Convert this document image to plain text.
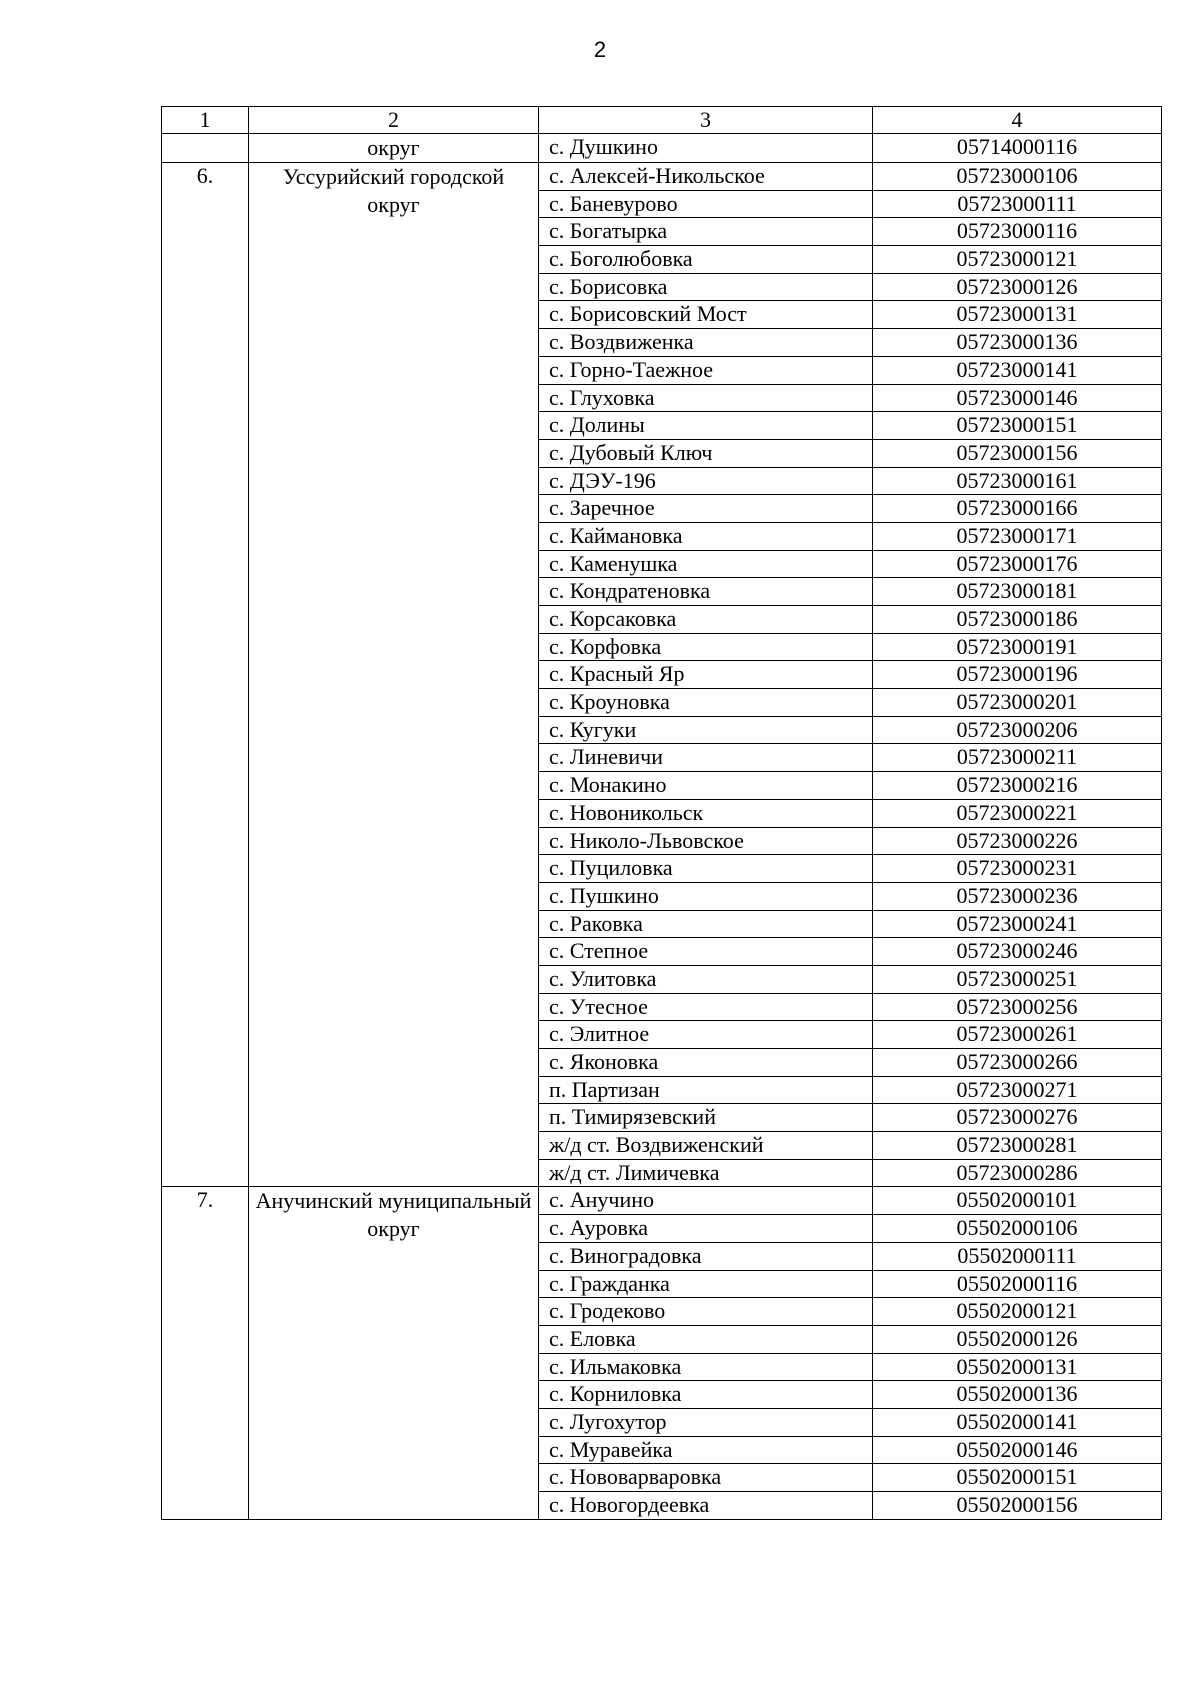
2
1	2	3	4
	округ	с. Душкино	05714000116
6.	Уссурийский городской округ	с. Алексей-Никольское	05723000106
		с. Баневурово	05723000111
		с. Богатырка	05723000116
		с. Боголюбовка	05723000121
		с. Борисовка	05723000126
		с. Борисовский Мост	05723000131
		с. Воздвиженка	05723000136
		с. Горно-Таежное	05723000141
		с. Глуховка	05723000146
		с. Долины	05723000151
		с. Дубовый Ключ	05723000156
		с. ДЭУ-196	05723000161
		с. Заречное	05723000166
		с. Каймановка	05723000171
		с. Каменушка	05723000176
		с. Кондратеновка	05723000181
		с. Корсаковка	05723000186
		с. Корфовка	05723000191
		с. Красный Яр	05723000196
		с. Кроуновка	05723000201
		с. Кугуки	05723000206
		с. Линевичи	05723000211
		с. Монакино	05723000216
		с. Новоникольск	05723000221
		с. Николо-Львовское	05723000226
		с. Пуциловка	05723000231
		с. Пушкино	05723000236
		с. Раковка	05723000241
		с. Степное	05723000246
		с. Улитовка	05723000251
		с. Утесное	05723000256
		с. Элитное	05723000261
		с. Яконовка	05723000266
		п. Партизан	05723000271
		п. Тимирязевский	05723000276
		ж/д ст. Воздвиженский	05723000281
		ж/д ст. Лимичевка	05723000286
7.	Анучинский муниципальный округ	с. Анучино	05502000101
		с. Ауровка	05502000106
		с. Виноградовка	05502000111
		с. Гражданка	05502000116
		с. Гродеково	05502000121
		с. Еловка	05502000126
		с. Ильмаковка	05502000131
		с. Корниловка	05502000136
		с. Лугохутор	05502000141
		с. Муравейка	05502000146
		с. Нововарваровка	05502000151
		с. Новогордеевка	05502000156
